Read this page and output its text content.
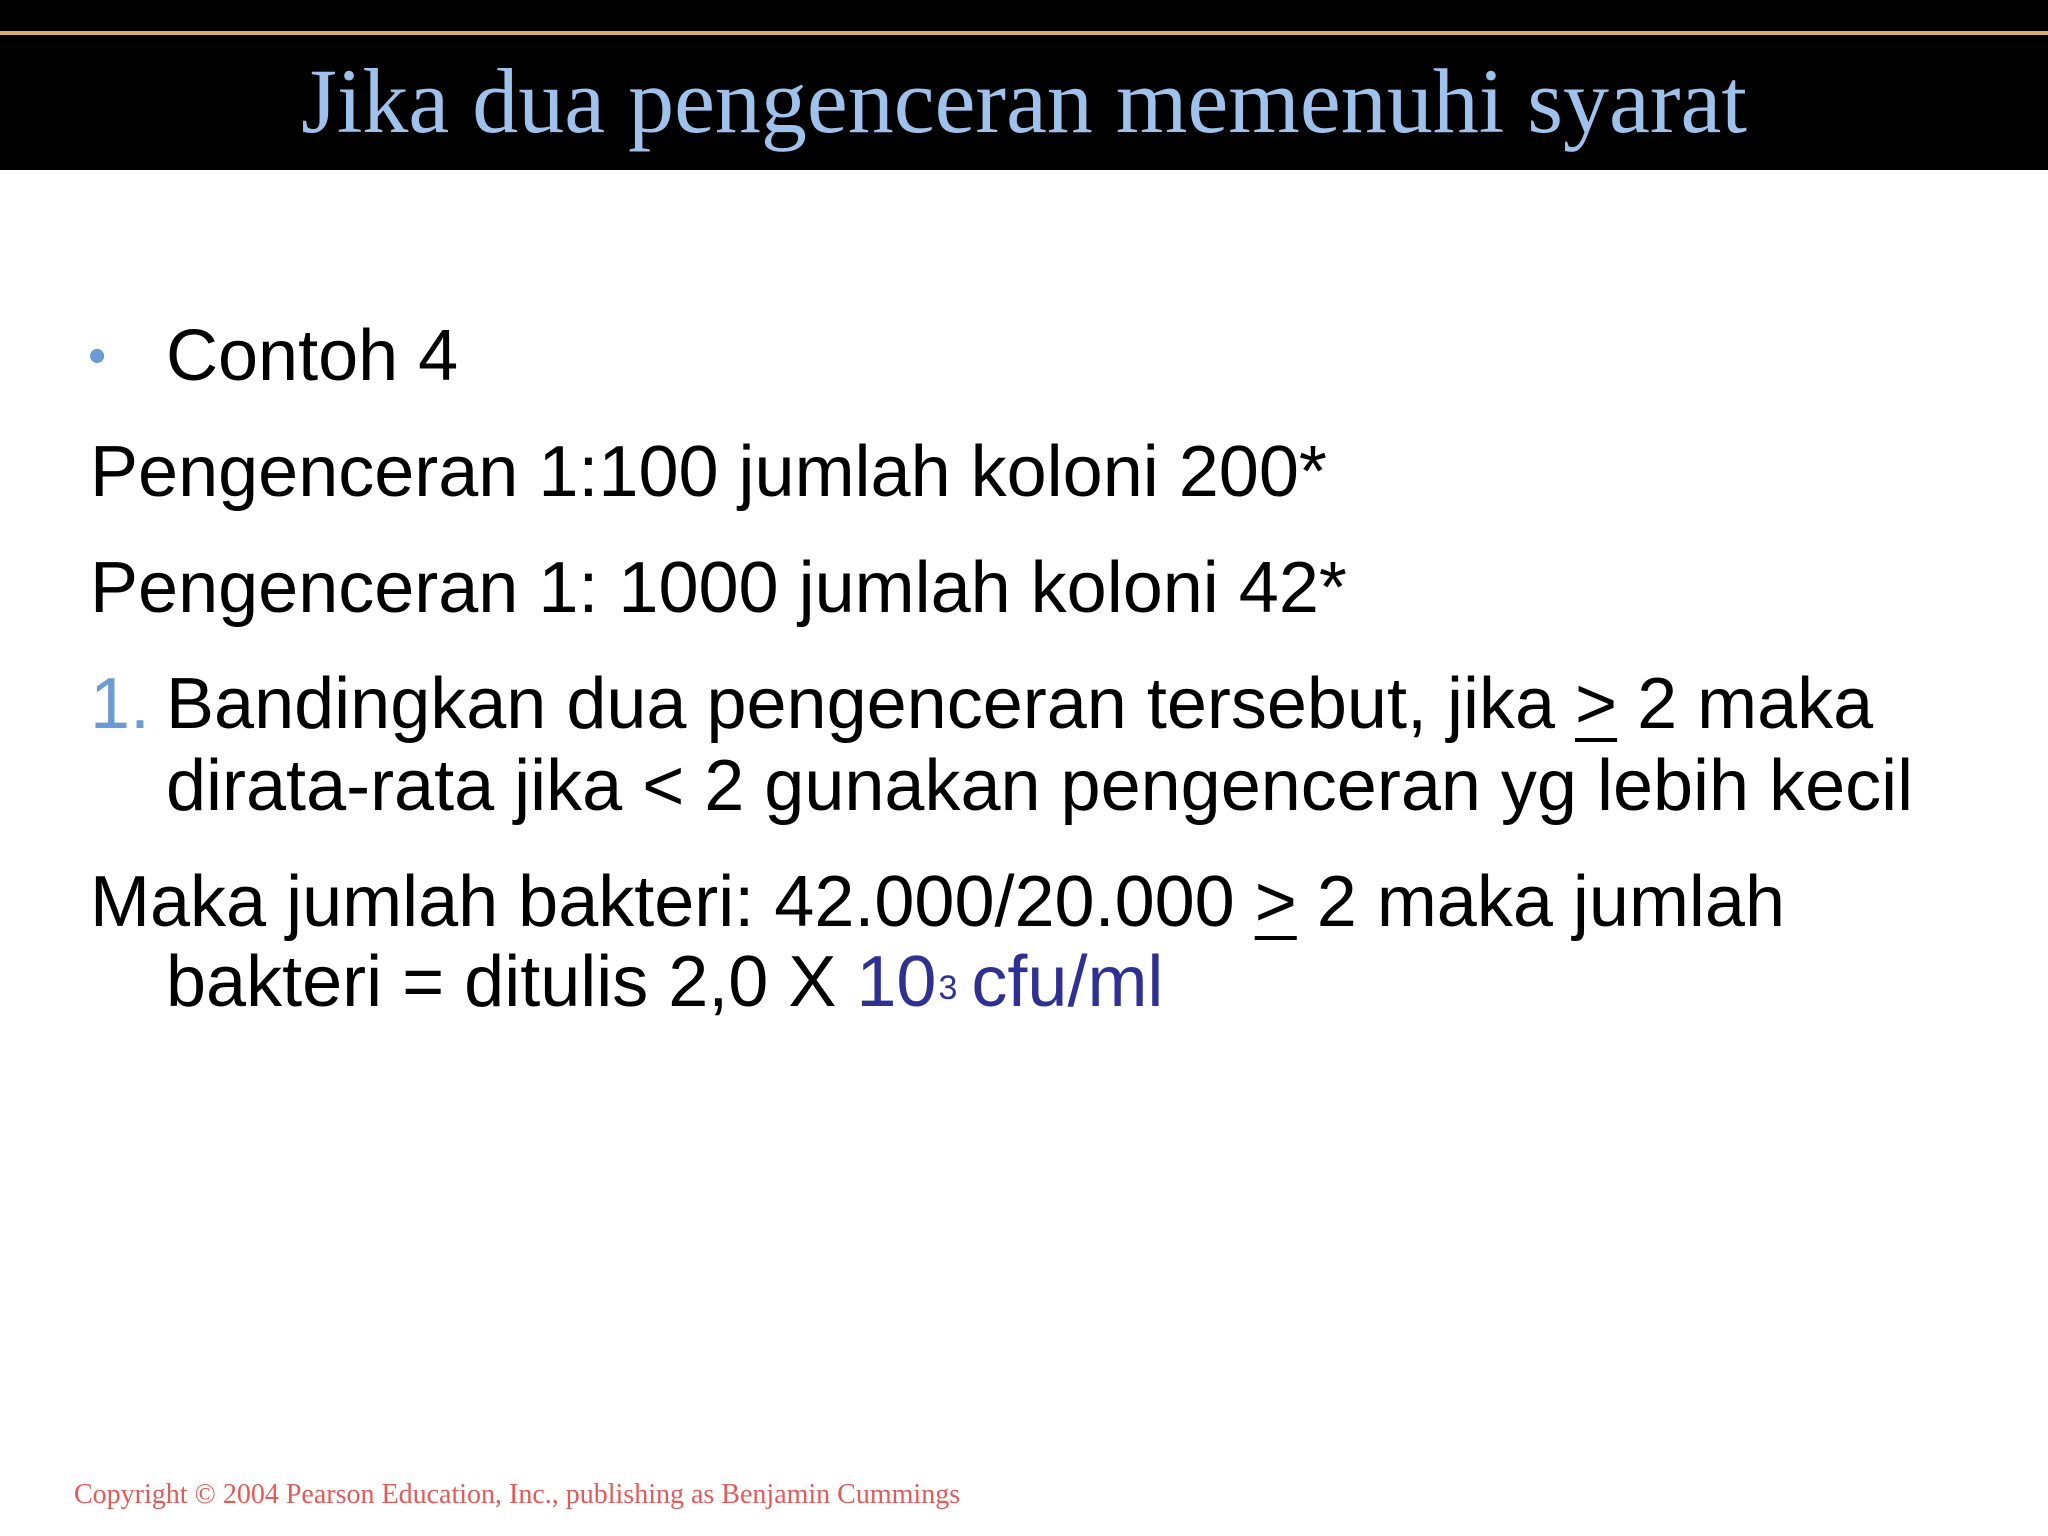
Jika dua pengenceran memenuhi syarat
• Contoh 4
Pengenceran 1:100 jumlah koloni 200*
Pengenceran 1: 1000 jumlah koloni 42*
1. Bandingkan dua pengenceran tersebut, jika ≥ 2 maka
dirata-rata jika < 2 gunakan pengenceran yg lebih kecil
Maka jumlah bakteri: 42.000/20.000 ≥ 2 maka jumlah
bakteri = ditulis 2,0 X $10^3$ cfu/ml
Copyright © 2004 Pearson Education, Inc., publishing as Benjamin Cummings
